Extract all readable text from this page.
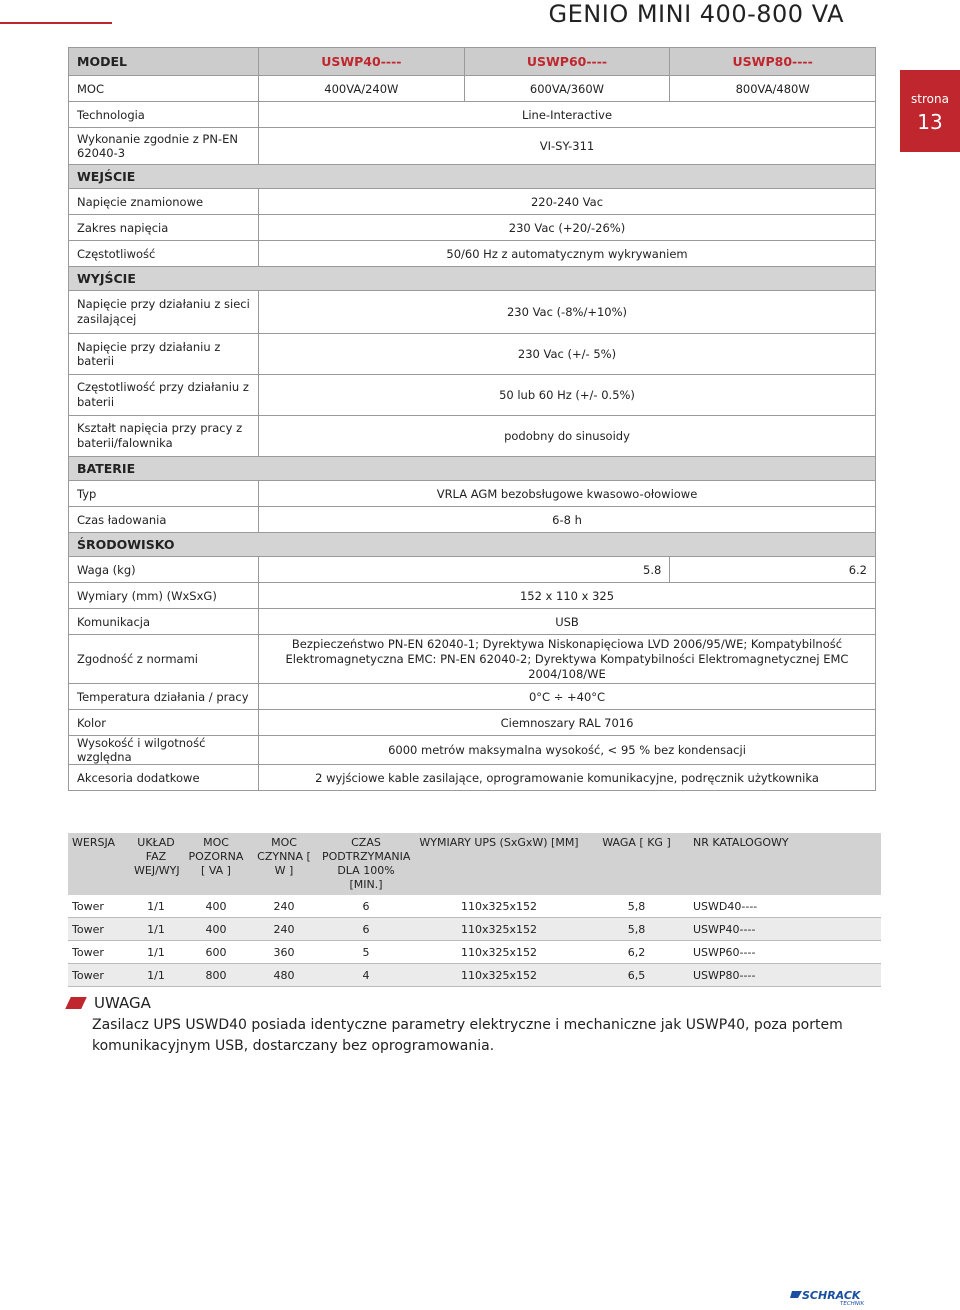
GENIO MINI 400-800 VA
strona
13
MODEL	USWP40----	USWP60----	USWP80----
MOC	400VA/240W	600VA/360W	800VA/480W
Technologia	Line-Interactive		
Wykonanie zgodnie z PN-EN 62040-3	VI-SY-311		
WEJŚCIE			
Napięcie znamionowe	220-240 Vac		
Zakres napięcia	230 Vac (+20/-26%)		
Częstotliwość	50/60 Hz z automatycznym wykrywaniem		
WYJŚCIE			
Napięcie przy działaniu z sieci zasilającej	230 Vac (-8%/+10%)		
Napięcie przy działaniu z baterii	230 Vac (+/- 5%)		
Częstotliwość przy działaniu z baterii	50 lub 60 Hz (+/- 0.5%)		
Kształt napięcia przy pracy z baterii/falownika	podobny do sinusoidy		
BATERIE			
Typ	VRLA AGM bezobsługowe kwasowo-ołowiowe		
Czas ładowania	6-8 h		
ŚRODOWISKO			
Waga (kg)	5.8		6.2
Wymiary (mm) (WxSxG)	152 x 110 x 325		
Komunikacja	USB		
Zgodność z normami	Bezpieczeństwo PN-EN 62040-1; Dyrektywa Niskonapięciowa LVD 2006/95/WE; Kompatybilność Elektromagnetyczna EMC: PN-EN 62040-2; Dyrektywa Kompatybilności Elektromagnetycznej EMC 2004/108/WE		
Temperatura działania / pracy	0°C ÷ +40°C		
Kolor	Ciemnoszary RAL 7016		
Wysokość i wilgotność względna	6000 metrów maksymalna wysokość, < 95 % bez kondensacji		
Akcesoria dodatkowe	2 wyjściowe kable zasilające, oprogramowanie komunikacyjne, podręcznik użytkownika		
WERSJA	UKŁAD FAZ WEJ/WYJ	MOC POZORNA [ VA ]	MOC CZYNNA [ W ]	CZAS PODTRZYMANIA DLA 100% [MIN.]	WYMIARY UPS (SxGxW) [MM]	WAGA [ KG ]	NR KATALOGOWY
Tower	1/1	400	240	6	110x325x152	5,8	USWD40----
Tower	1/1	400	240	6	110x325x152	5,8	USWP40----
Tower	1/1	600	360	5	110x325x152	6,2	USWP60----
Tower	1/1	800	480	4	110x325x152	6,5	USWP80----
UWAGA
Zasilacz UPS USWD40 posiada identyczne parametry elektryczne i mechaniczne jak USWP40, poza portem komunikacyjnym USB, dostarczany bez oprogramowania.
SCHRACK
TECHNIK
